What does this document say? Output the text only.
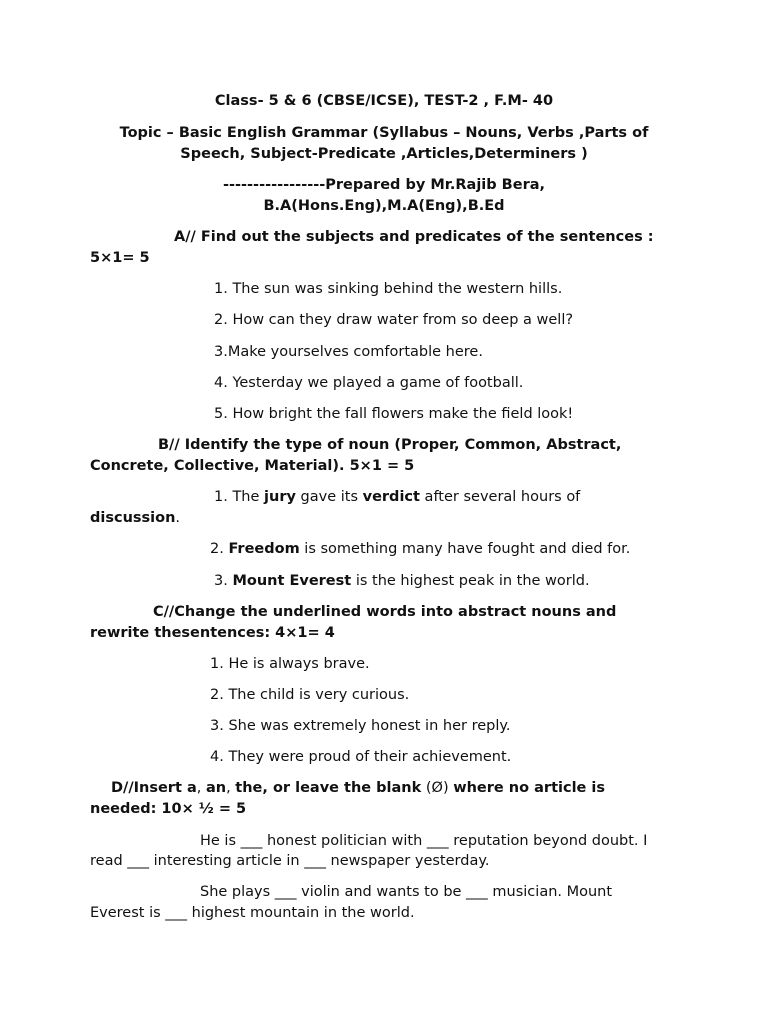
Class- 5 & 6 (CBSE/ICSE), TEST-2 , F.M- 40
Topic – Basic English Grammar (Syllabus – Nouns, Verbs ,Parts of
Speech, Subject-Predicate ,Articles,Determiners )
-----------------Prepared by Mr.Rajib Bera,
B.A(Hons.Eng),M.A(Eng),B.Ed
A// Find out the subjects and predicates of the sentences :
5×1= 5
1. The sun was sinking behind the western hills.
2. How can they draw water from so deep a well?
3.Make yourselves comfortable here.
4. Yesterday we played a game of football.
5. How bright the fall flowers make the field look!
B// Identify the type of noun (Proper, Common, Abstract,
Concrete, Collective, Material). 5×1 = 5
1. The jury gave its verdict after several hours of
discussion.
2. Freedom is something many have fought and died for.
3. Mount Everest is the highest peak in the world.
C//Change the underlined words into abstract nouns and
rewrite thesentences: 4×1= 4
1. He is always brave.
2. The child is very curious.
3. She was extremely honest in her reply.
4. They were proud of their achievement.
D//Insert a, an, the, or leave the blank (Ø) where no article is
needed: 10× ½ = 5
He is ___ honest politician with ___ reputation beyond doubt. I
read ___ interesting article in ___ newspaper yesterday.
She plays ___ violin and wants to be ___ musician. Mount
Everest is ___ highest mountain in the world.
